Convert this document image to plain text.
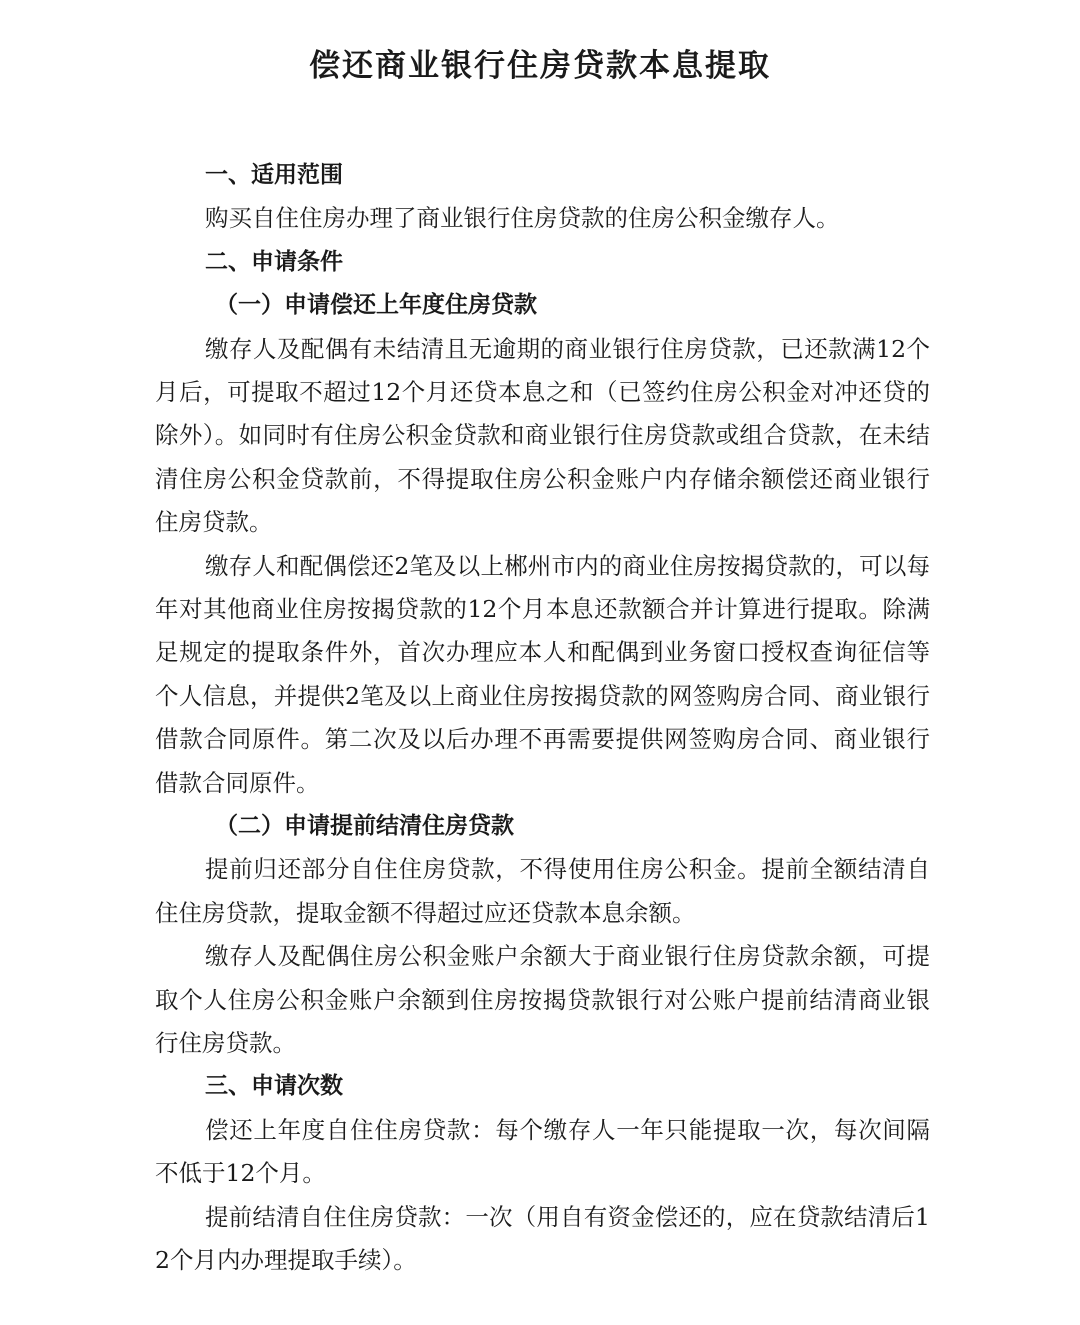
偿还商业银行住房贷款本息提取
一、适用范围

购买自住住房办理了商业银行住房贷款的住房公积金缴存人。

二、申请条件
（一）申请偿还上年度住房贷款

缴存人及配偶有未结清且无逾期的商业银行住房贷款，已还款满12个月后，可提取不超过12个月还贷本息之和（已签约住房公积金对冲还贷的除外）。如同时有住房公积金贷款和商业银行住房贷款或组合贷款，在未结清住房公积金贷款前，不得提取住房公积金账户内存储余额偿还商业银行住房贷款。

缴存人和配偶偿还2笔及以上郴州市内的商业住房按揭贷款的，可以每年对其他商业住房按揭贷款的12个月本息还款额合并计算进行提取。除满足规定的提取条件外，首次办理应本人和配偶到业务窗口授权查询征信等个人信息，并提供2笔及以上商业住房按揭贷款的网签购房合同、商业银行借款合同原件。第二次及以后办理不再需要提供网签购房合同、商业银行借款合同原件。

（二）申请提前结清住房贷款

提前归还部分自住住房贷款，不得使用住房公积金。提前全额结清自住住房贷款，提取金额不得超过应还贷款本息余额。

缴存人及配偶住房公积金账户余额大于商业银行住房贷款余额，可提取个人住房公积金账户余额到住房按揭贷款银行对公账户提前结清商业银行住房贷款。

三、申请次数

偿还上年度自住住房贷款：每个缴存人一年只能提取一次，每次间隔不低于12个月。

提前结清自住住房贷款：一次（用自有资金偿还的，应在贷款结清后12个月内办理提取手续）。
